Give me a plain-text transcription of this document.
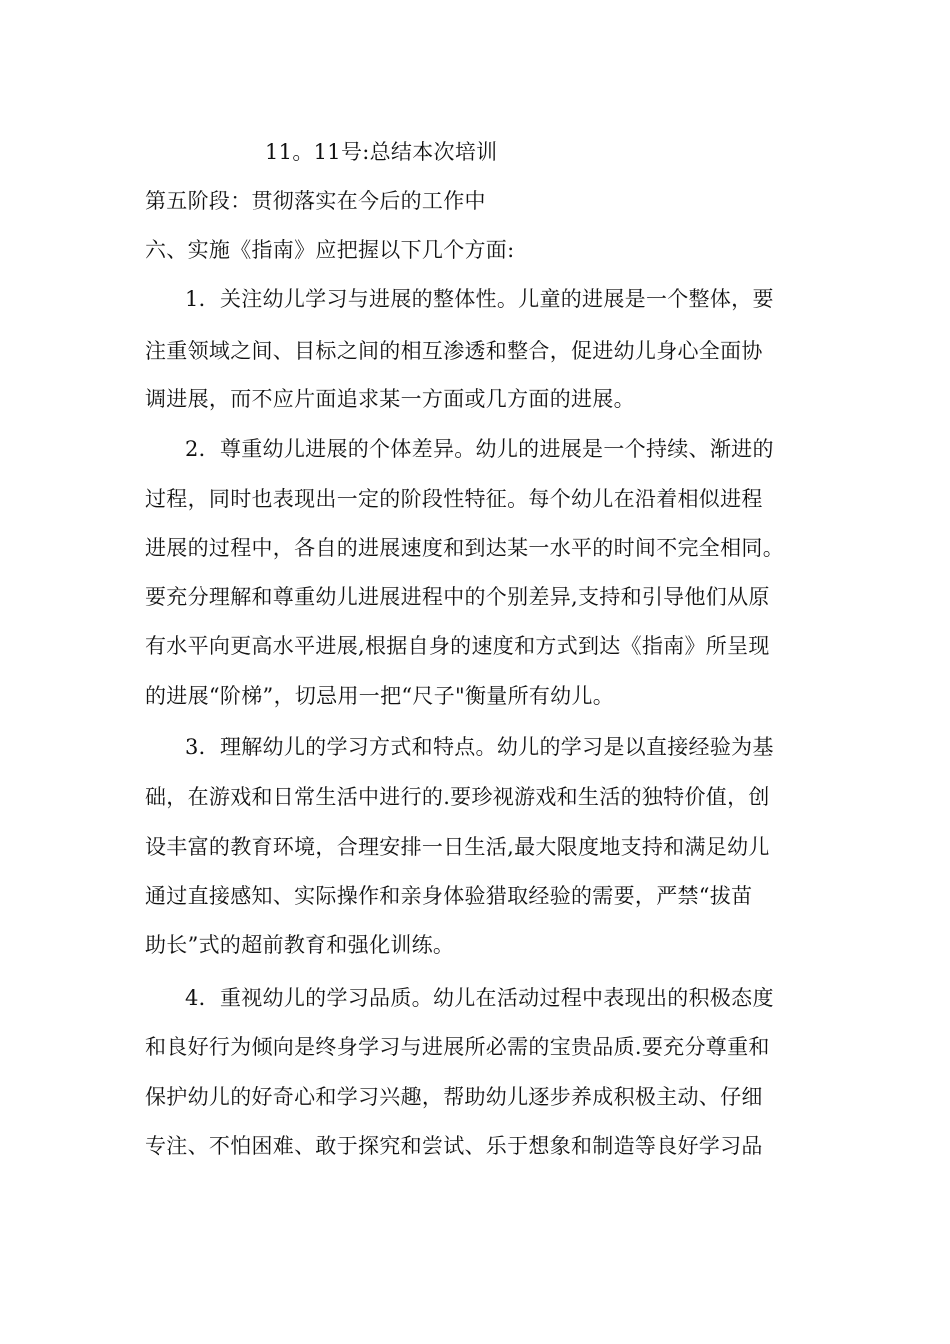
11。11号:总结本次培训
第五阶段：贯彻落实在今后的工作中
六、实施《指南》应把握以下几个方面:
1．关注幼儿学习与进展的整体性。儿童的进展是一个整体，要
注重领域之间、目标之间的相互渗透和整合，促进幼儿身心全面协
调进展，而不应片面追求某一方面或几方面的进展。
2．尊重幼儿进展的个体差异。幼儿的进展是一个持续、渐进的
过程，同时也表现出一定的阶段性特征。每个幼儿在沿着相似进程
进展的过程中，各自的进展速度和到达某一水平的时间不完全相同。
要充分理解和尊重幼儿进展进程中的个别差异,支持和引导他们从原
有水平向更高水平进展,根据自身的速度和方式到达《指南》所呈现
的进展“阶梯”，切忌用一把“尺子"衡量所有幼儿。
3．理解幼儿的学习方式和特点。幼儿的学习是以直接经验为基
础，在游戏和日常生活中进行的.要珍视游戏和生活的独特价值，创
设丰富的教育环境，合理安排一日生活,最大限度地支持和满足幼儿
通过直接感知、实际操作和亲身体验猎取经验的需要，严禁“拔苗
助长”式的超前教育和强化训练。
4．重视幼儿的学习品质。幼儿在活动过程中表现出的积极态度
和良好行为倾向是终身学习与进展所必需的宝贵品质.要充分尊重和
保护幼儿的好奇心和学习兴趣，帮助幼儿逐步养成积极主动、仔细
专注、不怕困难、敢于探究和尝试、乐于想象和制造等良好学习品
